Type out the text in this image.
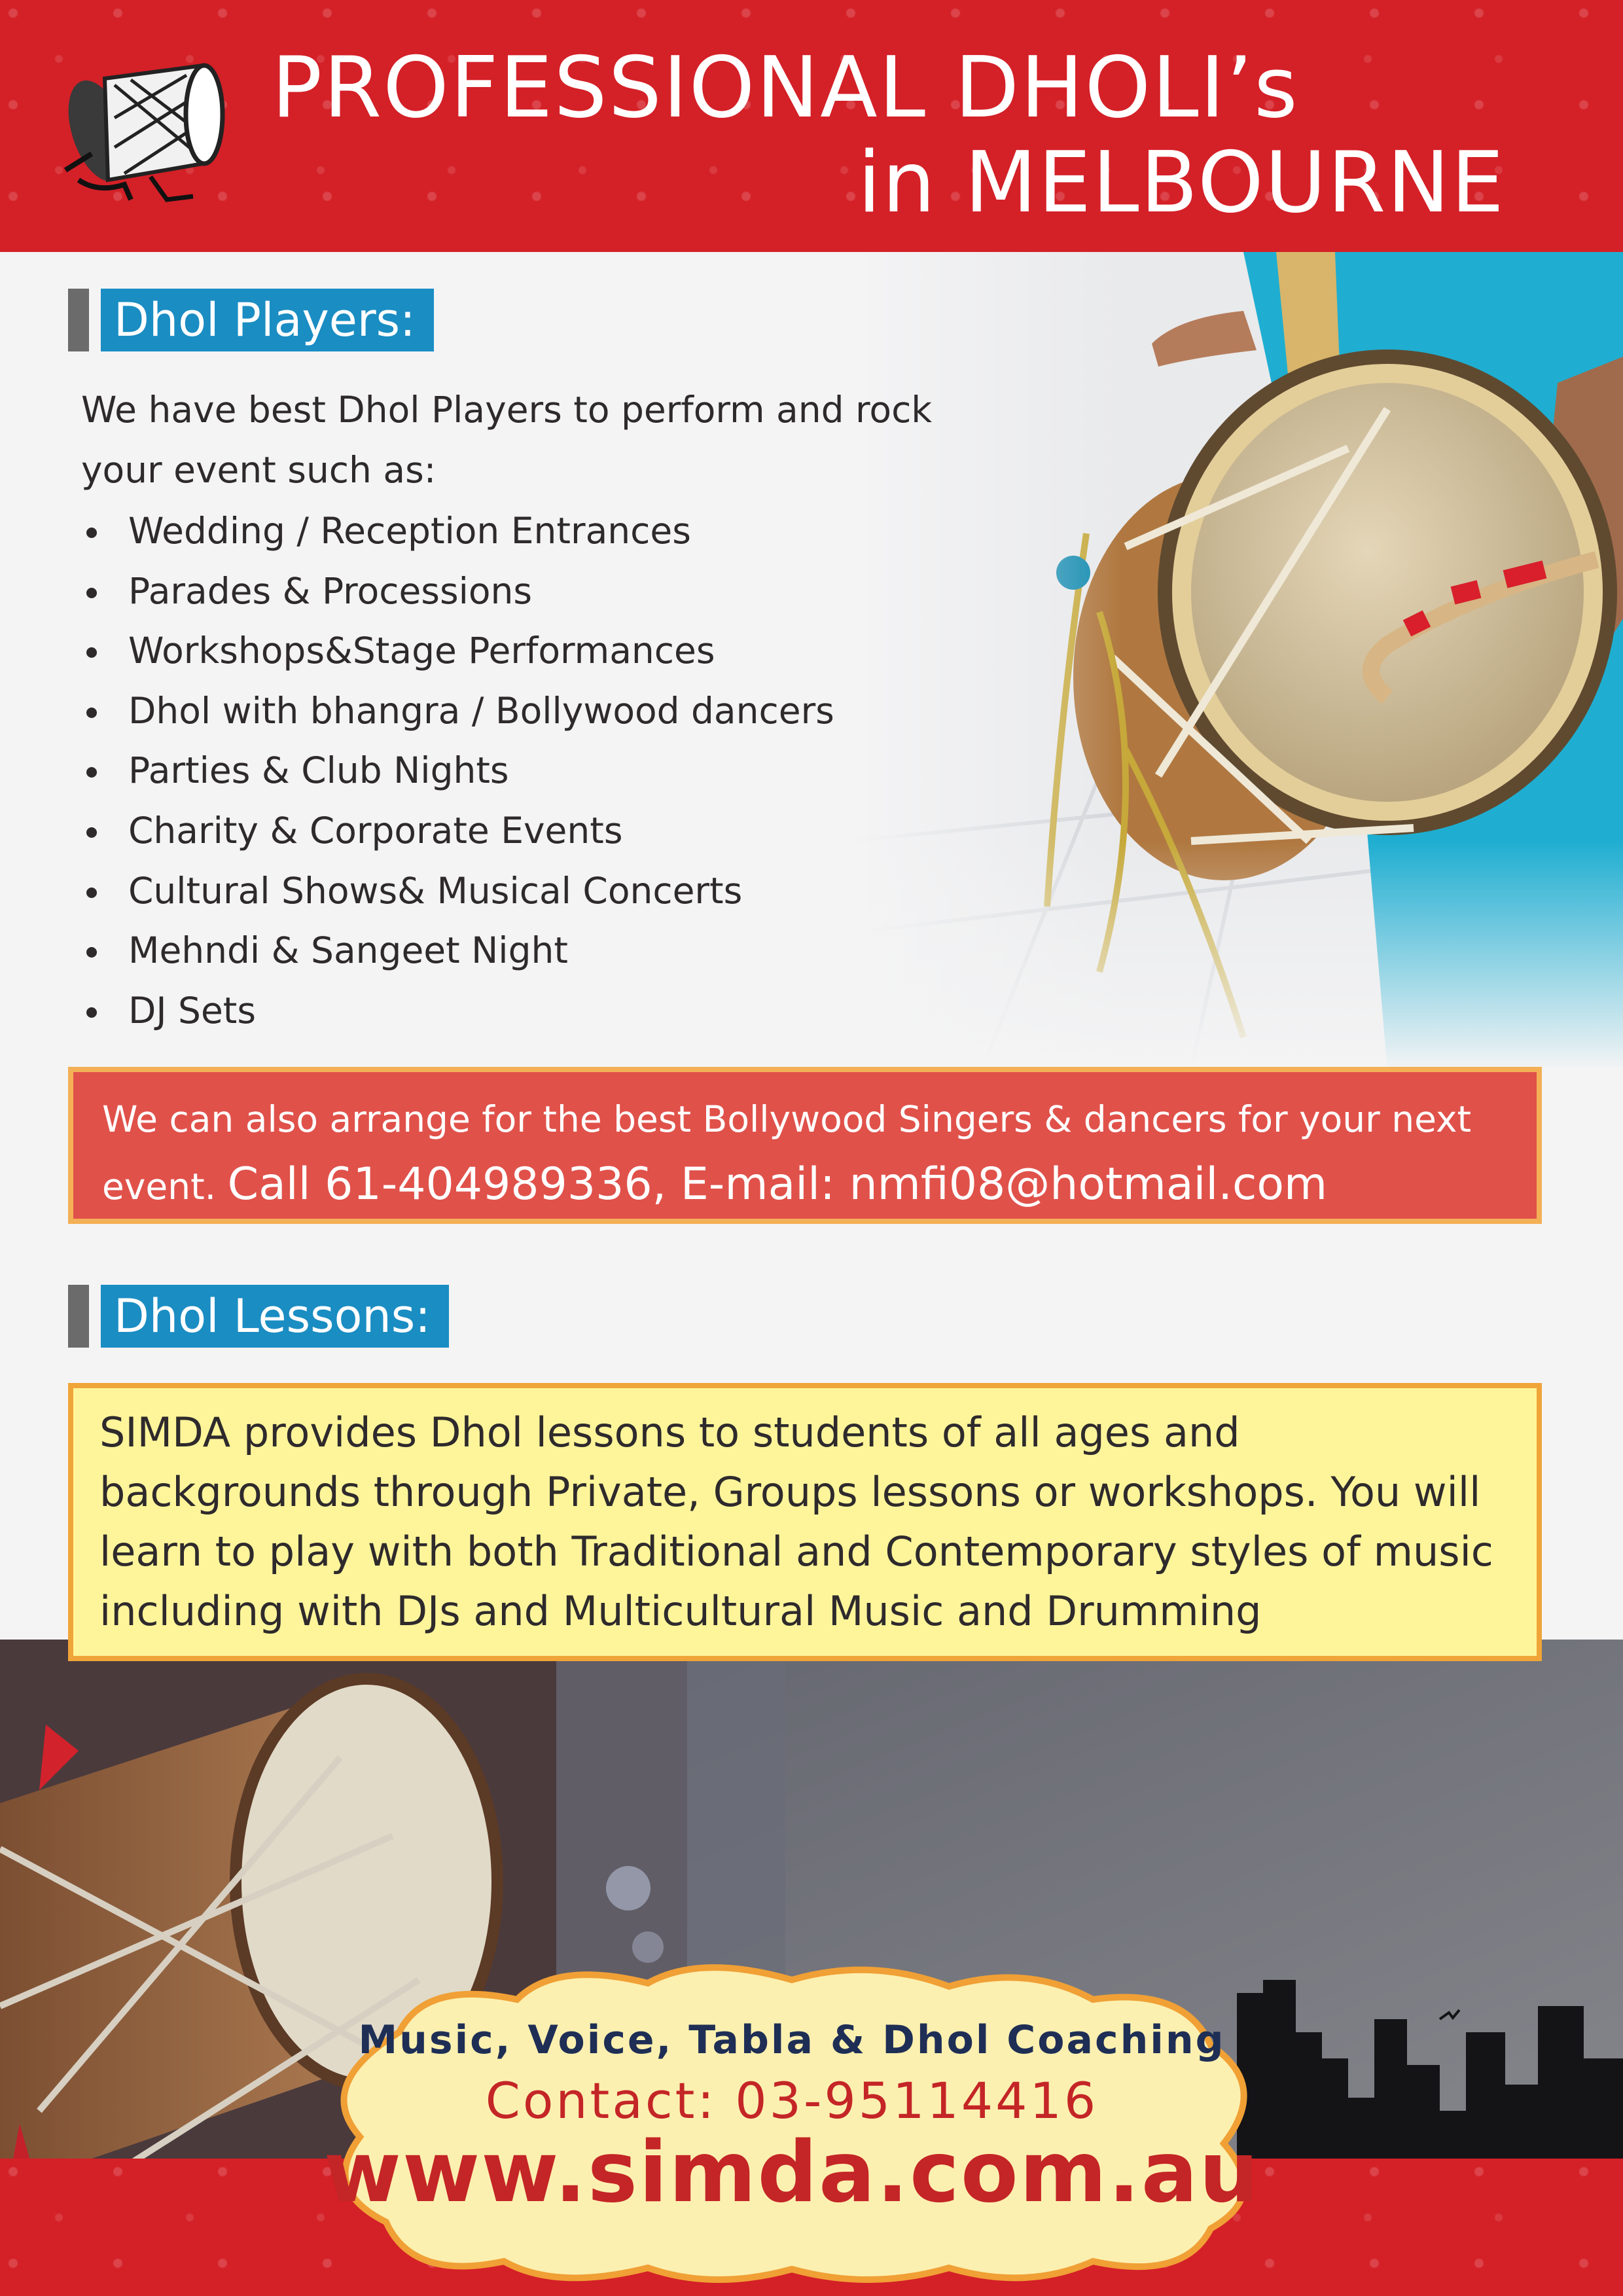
PROFESSIONAL DHOLI’s
in MELBOURNE
Dhol Players:
We have best Dhol Players to perform and rock your event such as:
Wedding / Reception Entrances
Parades & Processions
Workshops&Stage Performances
Dhol with bhangra / Bollywood dancers
Parties & Club Nights
Charity & Corporate Events
Cultural Shows& Musical Concerts
Mehndi & Sangeet Night
DJ Sets
We can also arrange for the best Bollywood Singers & dancers for your next event. Call 61-404989336, E-mail: nmfi08@hotmail.com
Dhol Lessons:
SIMDA provides Dhol lessons to students of all ages and backgrounds through Private, Groups lessons or workshops. You will learn to play with both Traditional and Contemporary styles of music including with DJs and Multicultural Music and Drumming
Music, Voice, Tabla & Dhol Coaching
Contact: 03-95114416
www.simda.com.au
